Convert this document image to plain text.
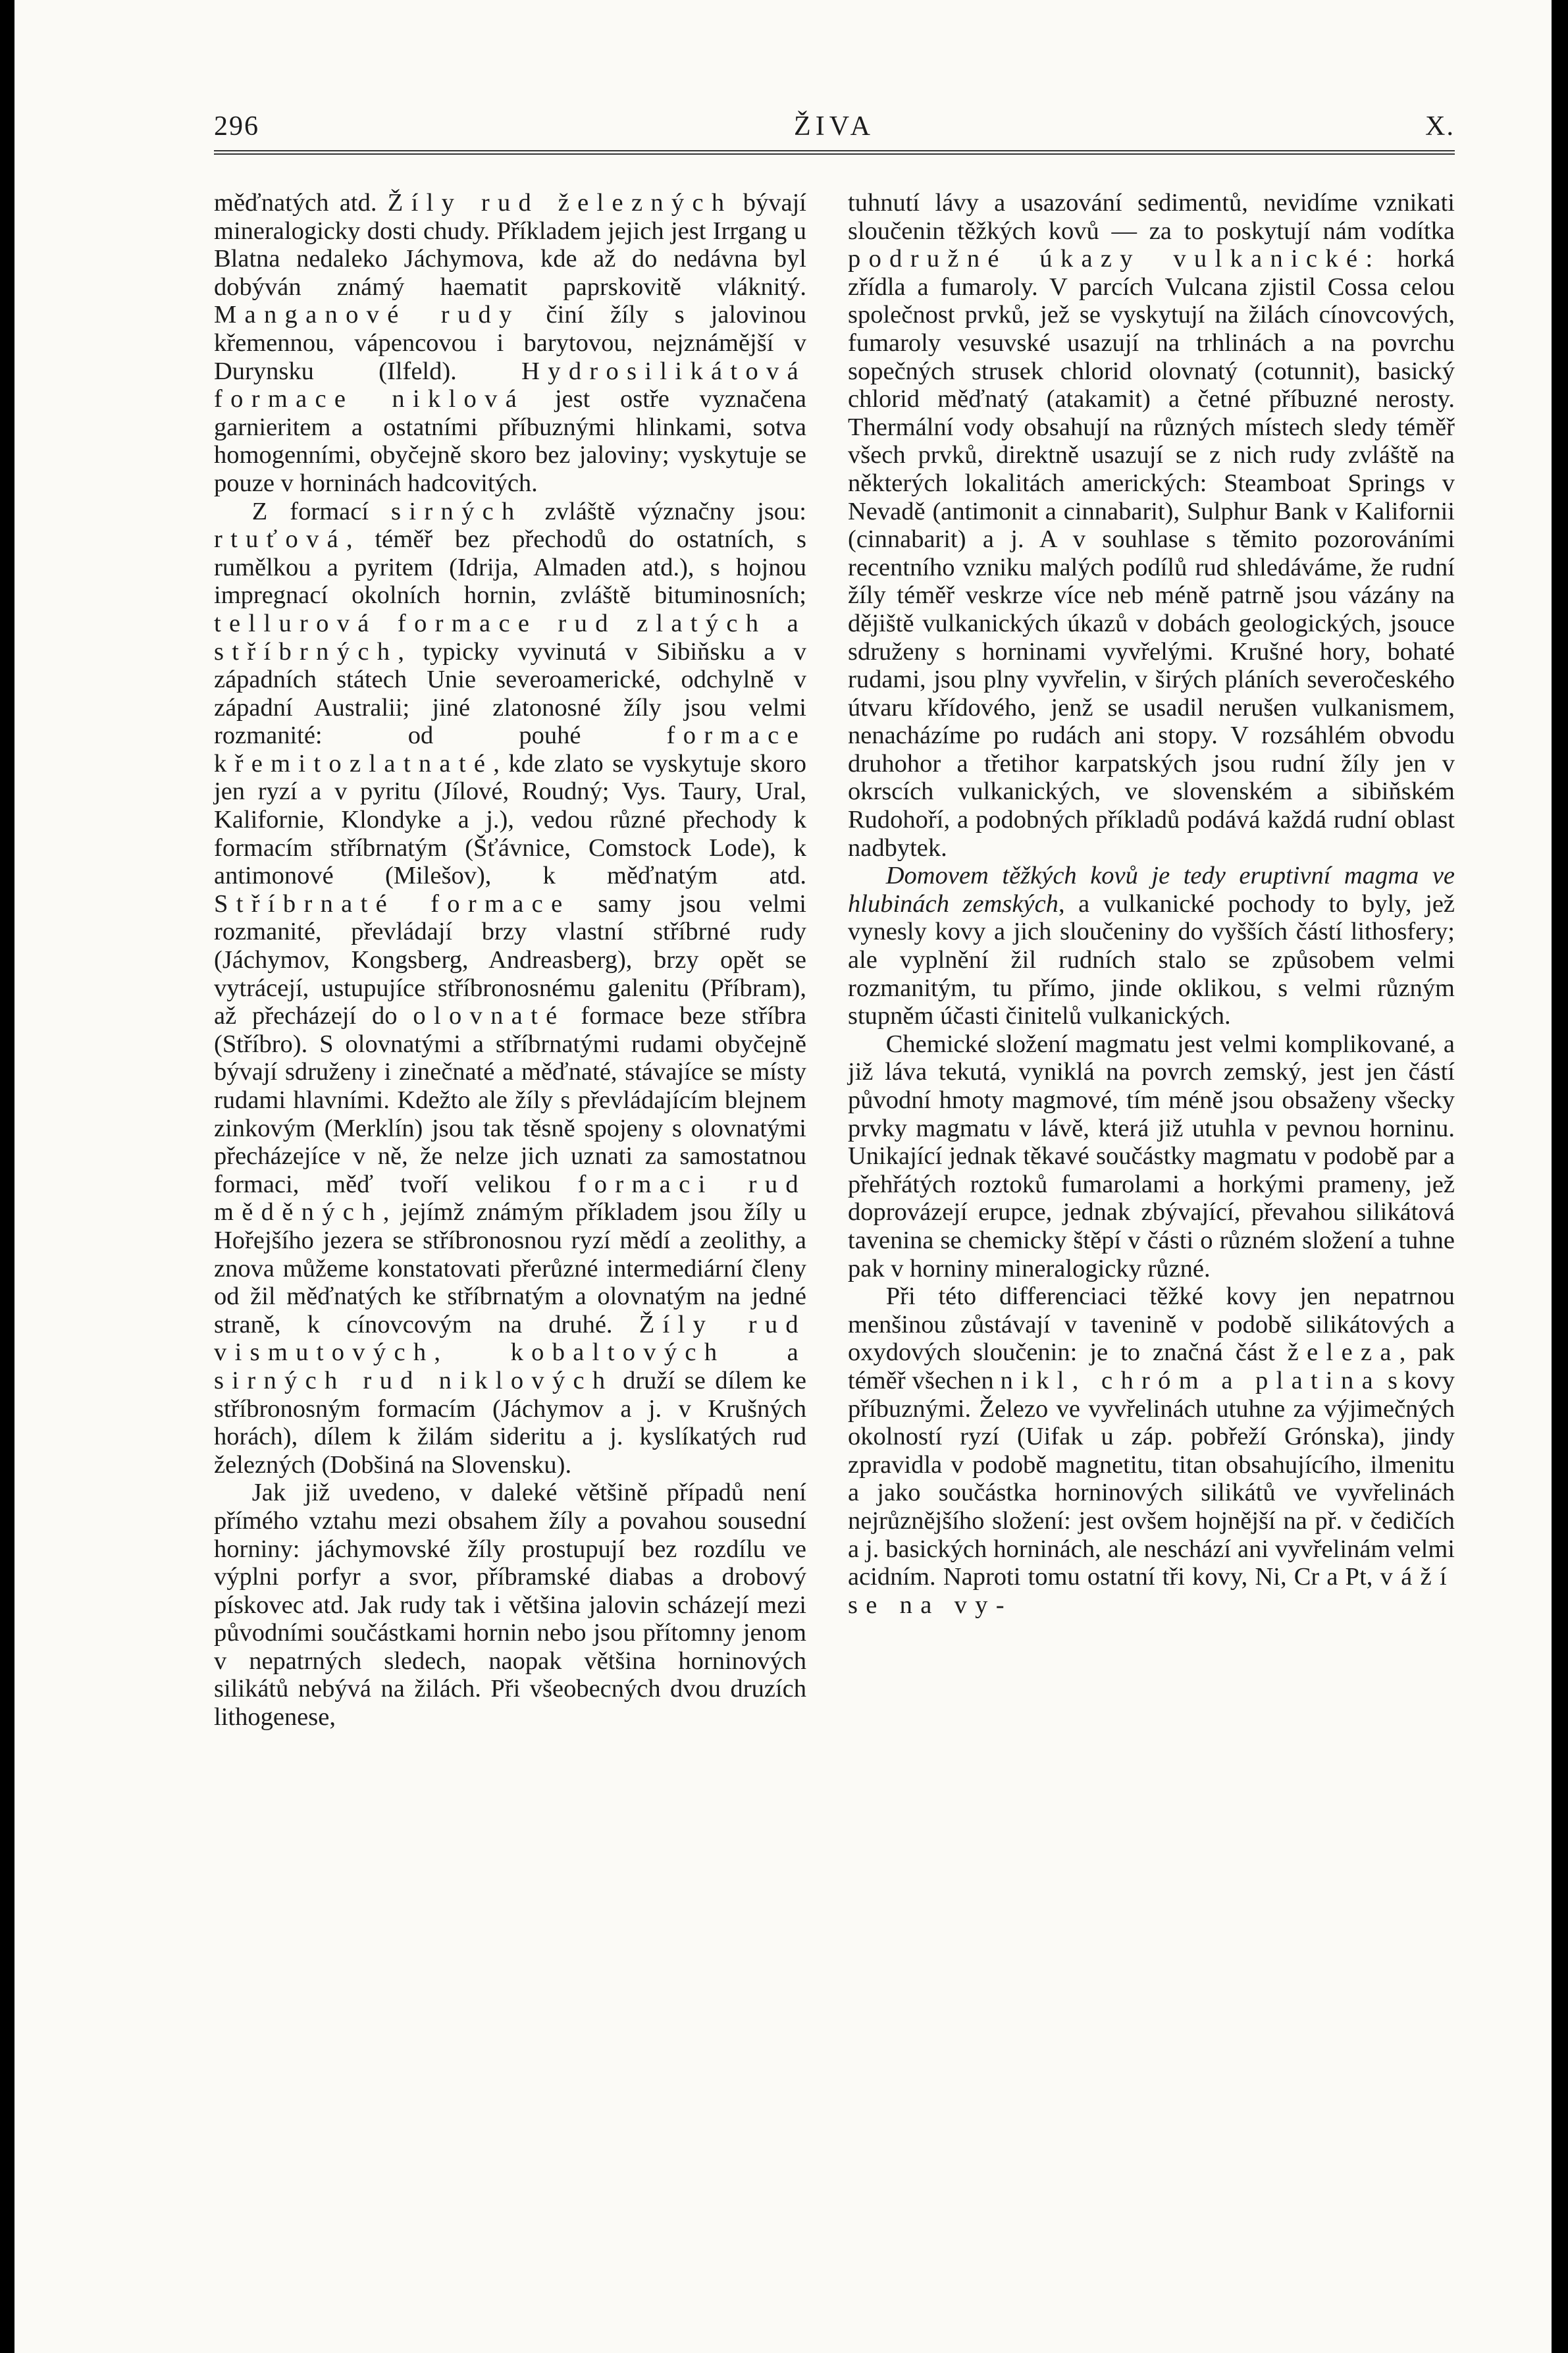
296	ŽIVA	X.

měďnatých atd. Žíly rud železných bývají mineralogicky dosti chudy. Příkladem jejich jest Irrgang u Blatna nedaleko Jáchymova, kde až do nedávna byl dobýván známý haematit paprskovitě vláknitý. Manganové rudy činí žíly s jalovinou křemennou, vápencovou i barytovou, nejznámější v Durynsku (Ilfeld). Hydrosilikátová formace niklová jest ostře vyznačena garnieritem a ostatními příbuznými hlinkami, sotva homogenními, obyčejně skoro bez jaloviny; vyskytuje se pouze v horninách hadcovitých.

Z formací sirných zvláště význačny jsou: rtuťová, téměř bez přechodů do ostatních, s rumělkou a pyritem (Idrija, Almaden atd.), s hojnou impregnací okolních hornin, zvláště bituminosních; tellurová formace rud zlatých a stříbrných, typicky vyvinutá v Sibiňsku a v západních státech Unie severoamerické, odchylně v západní Australii; jiné zlatonosné žíly jsou velmi rozmanité: od pouhé formace křemitozlatnaté, kde zlato se vyskytuje skoro jen ryzí a v pyritu (Jílové, Roudný; Vys. Taury, Ural, Kalifornie, Klondyke a j.), vedou různé přechody k formacím stříbrnatým (Šťávnice, Comstock Lode), k antimonové (Milešov), k měďnatým atd. Stříbrnaté formace samy jsou velmi rozmanité, převládají brzy vlastní stříbrné rudy (Jáchymov, Kongsberg, Andreasberg), brzy opět se vytrácejí, ustupujíce stříbronosnému galenitu (Příbram), až přecházejí do olovnaté formace beze stříbra (Stříbro). S olovnatými a stříbrnatými rudami obyčejně bývají sdruženy i zinečnaté a měďnaté, stávajíce se místy rudami hlavními. Kdežto ale žíly s převládajícím blejnem zinkovým (Merklín) jsou tak těsně spojeny s olovnatými přecházejíce v ně, že nelze jich uznati za samostatnou formaci, měď tvoří velikou formaci rud měděných, jejímž známým příkladem jsou žíly u Hořejšího jezera se stříbronosnou ryzí mědí a zeolithy, a znova můžeme konstatovati přerůzné intermediární členy od žil měďnatých ke stříbrnatým a olovnatým na jedné straně, k cínovcovým na druhé. Žíly rud vismutových, kobaltových a sirných rud niklových druží se dílem ke stříbronosným formacím (Jáchymov a j. v Krušných horách), dílem k žilám sideritu a j. kyslíkatých rud železných (Dobšiná na Slovensku).

Jak již uvedeno, v daleké většině případů není přímého vztahu mezi obsahem žíly a povahou sousední horniny: jáchymovské žíly prostupují bez rozdílu ve výplni porfyr a svor, příbramské diabas a drobový pískovec atd. Jak rudy tak i většina jalovin scházejí mezi původními součástkami hornin nebo jsou přítomny jenom v nepatrných sledech, naopak většina horninových silikátů nebývá na žilách. Při všeobecných dvou druzích lithogenese,

tuhnutí lávy a usazování sedimentů, nevidíme vznikati sloučenin těžkých kovů — za to poskytují nám vodítka podružné úkazy vulkanické: horká zřídla a fumaroly. V parcích Vulcana zjistil Cossa celou společnost prvků, jež se vyskytují na žilách cínovcových, fumaroly vesuvské usazují na trhlinách a na povrchu sopečných strusek chlorid olovnatý (cotunnit), basický chlorid měďnatý (atakamit) a četné příbuzné nerosty. Thermální vody obsahují na různých místech sledy téměř všech prvků, direktně usazují se z nich rudy zvláště na některých lokalitách amerických: Steamboat Springs v Nevadě (antimonit a cinnabarit), Sulphur Bank v Kalifornii (cinnabarit) a j. A v souhlase s těmito pozorováními recentního vzniku malých podílů rud shledáváme, že rudní žíly téměř veskrze více neb méně patrně jsou vázány na dějiště vulkanických úkazů v dobách geologických, jsouce sdruženy s horninami vyvřelými. Krušné hory, bohaté rudami, jsou plny vyvřelin, v širých pláních severočeského útvaru křídového, jenž se usadil nerušen vulkanismem, nenacházíme po rudách ani stopy. V rozsáhlém obvodu druhohor a třetihor karpatských jsou rudní žíly jen v okrscích vulkanických, ve slovenském a sibiňském Rudohoří, a podobných příkladů podává každá rudní oblast nadbytek.

Domovem těžkých kovů je tedy eruptivní magma ve hlubinách zemských, a vulkanické pochody to byly, jež vynesly kovy a jich sloučeniny do vyšších částí lithosfery; ale vyplnění žil rudních stalo se způsobem velmi rozmanitým, tu přímo, jinde oklikou, s velmi různým stupněm účasti činitelů vulkanických.

Chemické složení magmatu jest velmi komplikované, a již láva tekutá, vyniklá na povrch zemský, jest jen částí původní hmoty magmové, tím méně jsou obsaženy všecky prvky magmatu v lávě, která již utuhla v pevnou horninu. Unikající jednak těkavé součástky magmatu v podobě par a přehřátých roztoků fumarolami a horkými prameny, jež doprovázejí erupce, jednak zbývající, převahou silikátová tavenina se chemicky štěpí v části o různém složení a tuhne pak v horniny mineralogicky různé.

Při této differenciaci těžké kovy jen nepatrnou menšinou zůstávají v tavenině v podobě silikátových a oxydových sloučenin: je to značná část železa, pak téměř všechen nikl, chróm a platina s kovy příbuznými. Železo ve vyvřelinách utuhne za výjimečných okolností ryzí (Uifak u záp. pobřeží Grónska), jindy zpravidla v podobě magnetitu, titan obsahujícího, ilmenitu a jako součástka horninových silikátů ve vyvřelinách nejrůznějšího složení: jest ovšem hojnější na př. v čedičích a j. basických horninách, ale neschází ani vyvřelinám velmi acidním. Naproti tomu ostatní tři kovy, Ni, Cr a Pt, váží se na vy-
